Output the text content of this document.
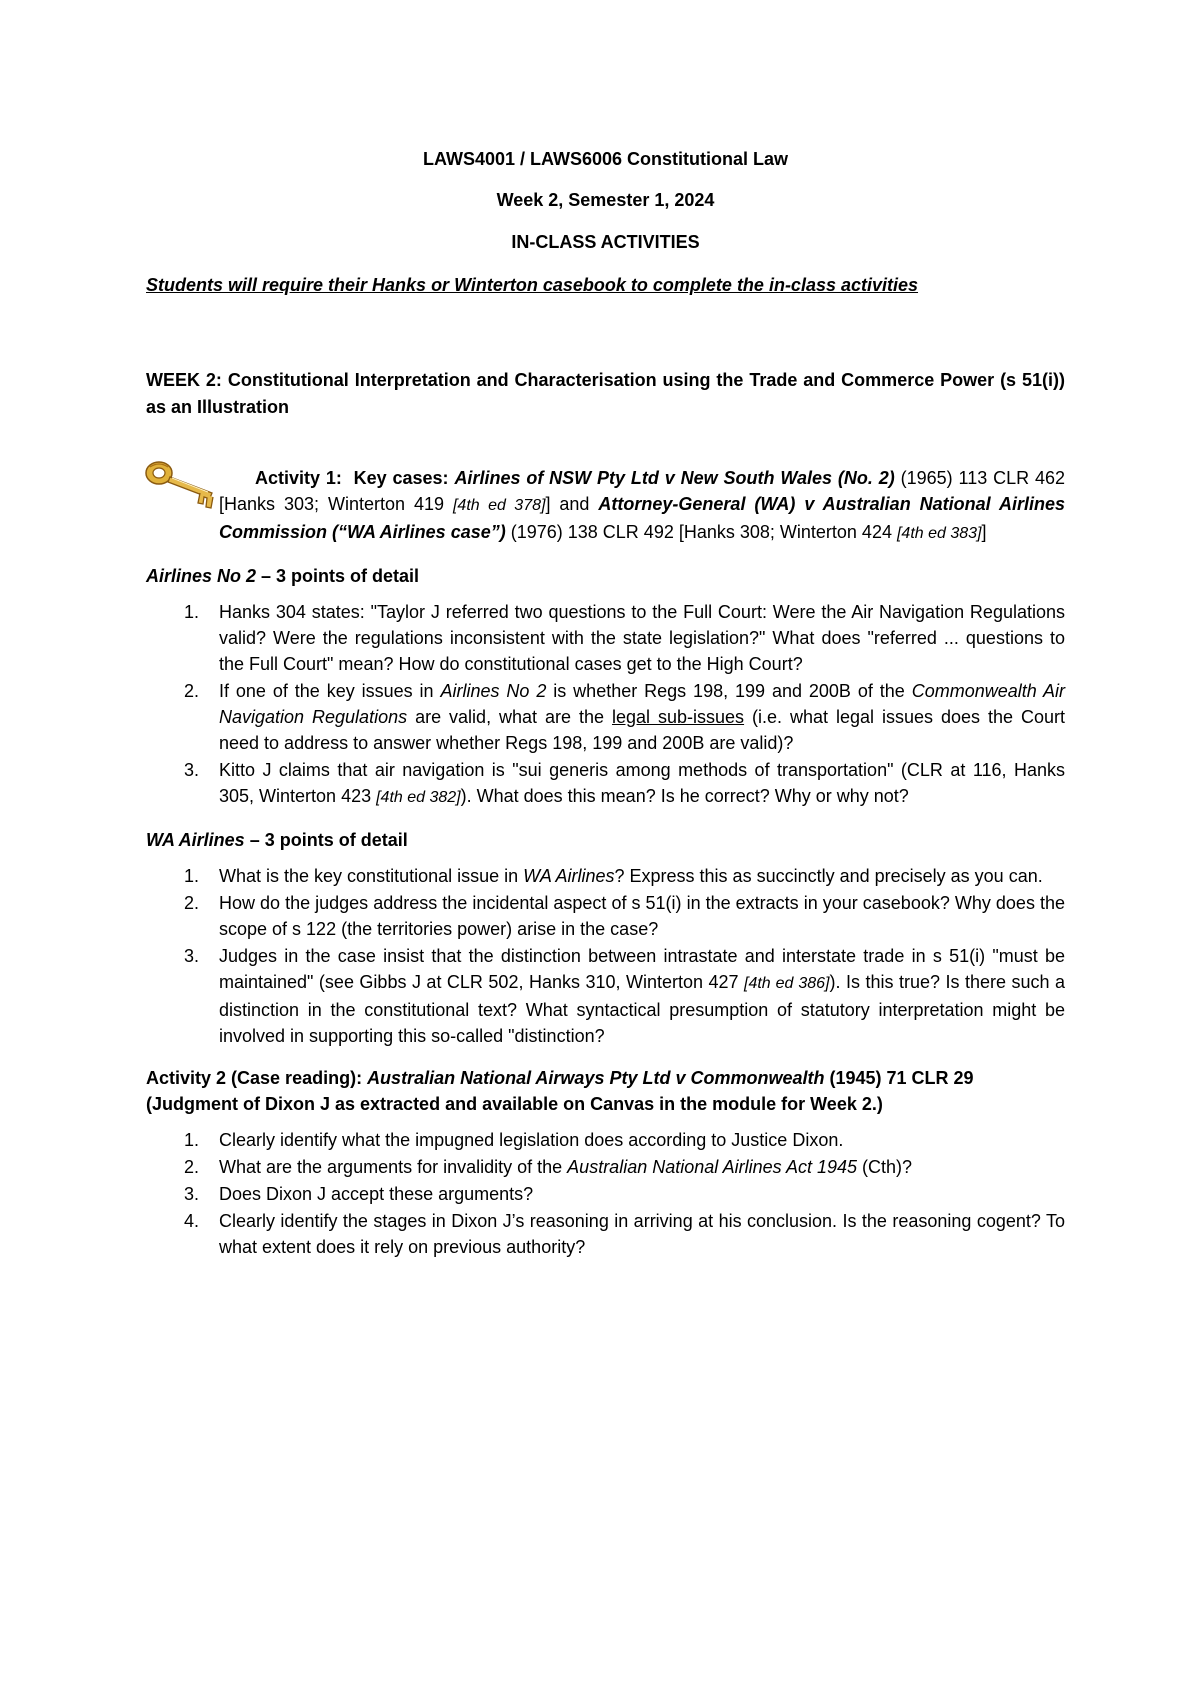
LAWS4001 / LAWS6006 Constitutional Law

Week 2, Semester 1, 2024

IN-CLASS ACTIVITIES

Students will require their Hanks or Winterton casebook to complete the in-class activities

WEEK 2: Constitutional Interpretation and Characterisation using the Trade and Commerce Power (s 51(i)) as an Illustration

Activity 1: Key cases: Airlines of NSW Pty Ltd v New South Wales (No. 2) (1965) 113 CLR 462 [Hanks 303; Winterton 419 [4th ed 378]] and Attorney-General (WA) v Australian National Airlines Commission (“WA Airlines case”) (1976) 138 CLR 492 [Hanks 308; Winterton 424 [4th ed 383]]

Airlines No 2 – 3 points of detail

1. Hanks 304 states: "Taylor J referred two questions to the Full Court: Were the Air Navigation Regulations valid? Were the regulations inconsistent with the state legislation?" What does "referred ... questions to the Full Court" mean? How do constitutional cases get to the High Court?
2. If one of the key issues in Airlines No 2 is whether Regs 198, 199 and 200B of the Commonwealth Air Navigation Regulations are valid, what are the legal sub-issues (i.e. what legal issues does the Court need to address to answer whether Regs 198, 199 and 200B are valid)?
3. Kitto J claims that air navigation is "sui generis among methods of transportation" (CLR at 116, Hanks 305, Winterton 423 [4th ed 382]). What does this mean? Is he correct? Why or why not?

WA Airlines – 3 points of detail

1. What is the key constitutional issue in WA Airlines? Express this as succinctly and precisely as you can.
2. How do the judges address the incidental aspect of s 51(i) in the extracts in your casebook? Why does the scope of s 122 (the territories power) arise in the case?
3. Judges in the case insist that the distinction between intrastate and interstate trade in s 51(i) "must be maintained" (see Gibbs J at CLR 502, Hanks 310, Winterton 427 [4th ed 386]). Is this true? Is there such a distinction in the constitutional text? What syntactical presumption of statutory interpretation might be involved in supporting this so-called "distinction?

Activity 2 (Case reading): Australian National Airways Pty Ltd v Commonwealth (1945) 71 CLR 29 (Judgment of Dixon J as extracted and available on Canvas in the module for Week 2.)

1. Clearly identify what the impugned legislation does according to Justice Dixon.
2. What are the arguments for invalidity of the Australian National Airlines Act 1945 (Cth)?
3. Does Dixon J accept these arguments?
4. Clearly identify the stages in Dixon J’s reasoning in arriving at his conclusion. Is the reasoning cogent? To what extent does it rely on previous authority?
